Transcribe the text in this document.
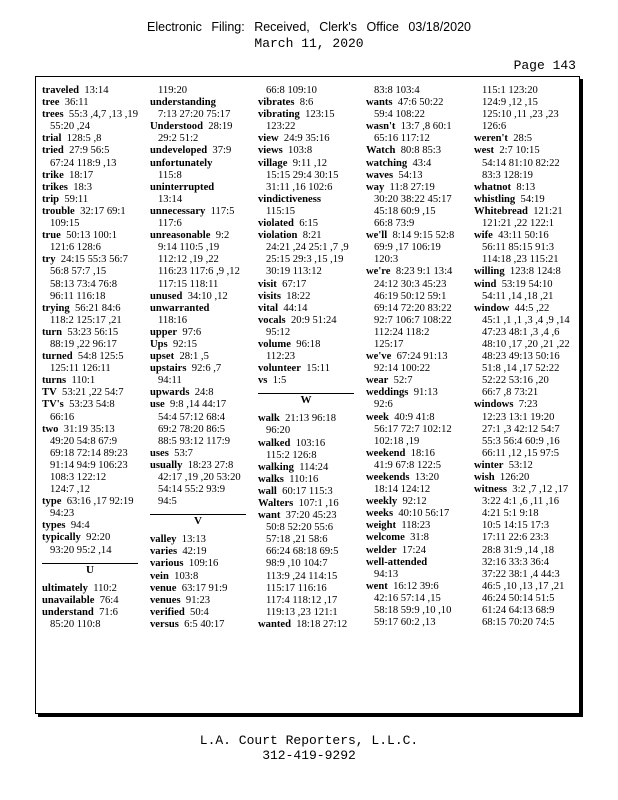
Electronic Filing: Received, Clerk's Office 03/18/2020
March 11, 2020
Page 143
traveled 13:14
tree 36:11
trees 55:3 ,4,7 ,13 ,19
55:20 ,24
trial 128:5 ,8
tried 27:9 56:5
67:24 118:9 ,13
trike 18:17
trikes 18:3
trip 59:11
trouble 32:17 69:1
109:15
true 50:13 100:1
121:6 128:6
try 24:15 55:3 56:7
56:8 57:7 ,15
58:13 73:4 76:8
96:11 116:18
trying 56:21 84:6
118:2 125:17 ,21
turn 53:23 56:15
88:19 ,22 96:17
turned 54:8 125:5
125:11 126:11
turns 110:1
TV 53:21 ,22 54:7
TV's 53:23 54:8
66:16
two 31:19 35:13
49:20 54:8 67:9
69:18 72:14 89:23
91:14 94:9 106:23
108:3 122:12
124:7 ,12
type 63:16 ,17 92:19
94:23
types 94:4
typically 92:20
93:20 95:2 ,14
U
ultimately 110:2
unavailable 76:4
understand 71:6
85:20 110:8
119:20
understanding
7:13 27:20 75:17
Understood 28:19
29:2 51:2
undeveloped 37:9
unfortunately
115:8
uninterrupted
13:14
unnecessary 117:5
117:6
unreasonable 9:2
9:14 110:5 ,19
112:12 ,19 ,22
116:23 117:6 ,9 ,12
117:15 118:11
unused 34:10 ,12
unwarranted
118:16
upper 97:6
Ups 92:15
upset 28:1 ,5
upstairs 92:6 ,7
94:11
upwards 24:8
use 9:8 ,14 44:17
54:4 57:12 68:4
69:2 78:20 86:5
88:5 93:12 117:9
uses 53:7
usually 18:23 27:8
42:17 ,19 ,20 53:20
54:14 55:2 93:9
94:5
V
valley 13:13
varies 42:19
various 109:16
vein 103:8
venue 63:17 91:9
venues 91:23
verified 50:4
versus 6:5 40:17
66:8 109:10
vibrates 8:6
vibrating 123:15
123:22
view 24:9 35:16
views 103:8
village 9:11 ,12
15:15 29:4 30:15
31:11 ,16 102:6
vindictiveness
115:15
violated 6:15
violation 8:21
24:21 ,24 25:1 ,7 ,9
25:15 29:3 ,15 ,19
30:19 113:12
visit 67:17
visits 18:22
vital 44:14
vocals 20:9 51:24
95:12
volume 96:18
112:23
volunteer 15:11
vs 1:5
W
walk 21:13 96:18
96:20
walked 103:16
115:2 126:8
walking 114:24
walks 110:16
wall 60:17 115:3
Walters 107:1 ,16
want 37:20 45:23
50:8 52:20 55:6
57:18 ,21 58:6
66:24 68:18 69:5
98:9 ,10 104:7
113:9 ,24 114:15
115:17 116:16
117:4 118:12 ,17
119:13 ,23 121:1
wanted 18:18 27:12
83:8 103:4
wants 47:6 50:22
59:4 108:22
wasn't 13:7 ,8 60:1
65:16 117:12
Watch 80:8 85:3
watching 43:4
waves 54:13
way 11:8 27:19
30:20 38:22 45:17
45:18 60:9 ,15
66:8 73:9
we'll 8:14 9:15 52:8
69:9 ,17 106:19
120:3
we're 8:23 9:1 13:4
24:12 30:3 45:23
46:19 50:12 59:1
69:14 72:20 83:22
92:7 106:7 108:22
112:24 118:2
125:17
we've 67:24 91:13
92:14 100:22
wear 52:7
weddings 91:13
92:6
week 40:9 41:8
56:17 72:7 102:12
102:18 ,19
weekend 18:16
41:9 67:8 122:5
weekends 13:20
18:14 124:12
weekly 92:12
weeks 40:10 56:17
weight 118:23
welcome 31:8
welder 17:24
well-attended
94:13
went 16:12 39:6
42:16 57:14 ,15
58:18 59:9 ,10 ,10
59:17 60:2 ,13
115:1 123:20
124:9 ,12 ,15
125:10 ,11 ,23 ,23
126:6
weren't 28:5
west 2:7 10:15
54:14 81:10 82:22
83:3 128:19
whatnot 8:13
whistling 54:19
Whitebread 121:21
121:21 ,22 122:1
wife 43:11 50:16
56:11 85:15 91:3
114:18 ,23 115:21
willing 123:8 124:8
wind 53:19 54:10
54:11 ,14 ,18 ,21
window 44:5 ,22
45:1 ,1 ,1 ,3 ,4 ,9 ,14
47:23 48:1 ,3 ,4 ,6
48:10 ,17 ,20 ,21 ,22
48:23 49:13 50:16
51:8 ,14 ,17 52:22
52:22 53:16 ,20
66:7 ,8 73:21
windows 7:23
12:23 13:1 19:20
27:1 ,3 42:12 54:7
55:3 56:4 60:9 ,16
66:11 ,12 ,15 97:5
winter 53:12
wish 126:20
witness 3:2 ,7 ,12 ,17
3:22 4:1 ,6 ,11 ,16
4:21 5:1 9:18
10:5 14:15 17:3
17:11 22:6 23:3
28:8 31:9 ,14 ,18
32:16 33:3 36:4
37:22 38:1 ,4 44:3
46:5 ,10 ,13 ,17 ,21
46:24 50:14 51:5
61:24 64:13 68:9
68:15 70:20 74:5
L.A. Court Reporters, L.L.C.
312-419-9292
